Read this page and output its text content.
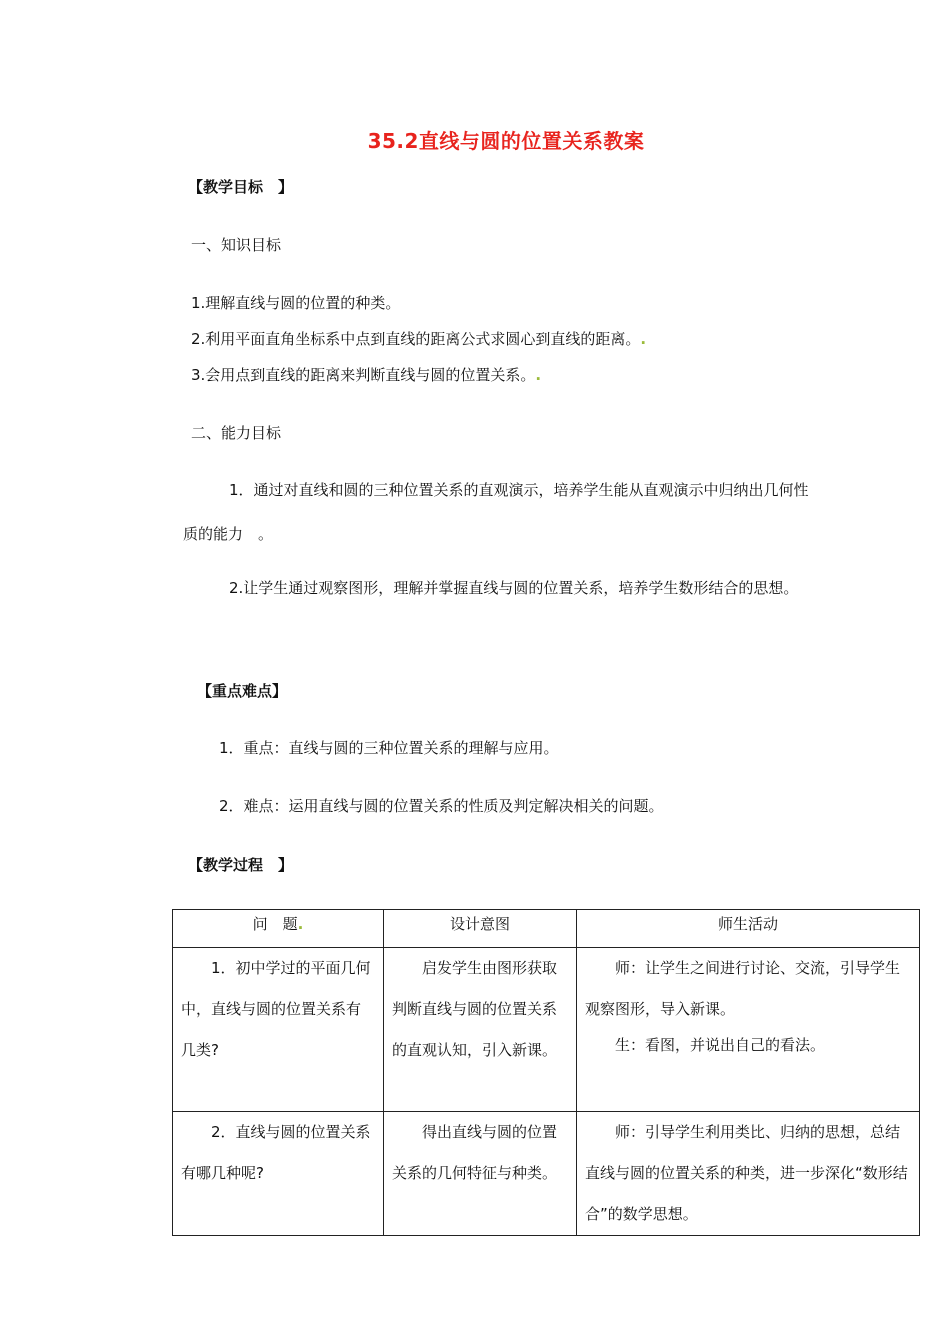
35.2直线与圆的位置关系教案
【教学目标　】
一、知识目标
1.理解直线与圆的位置的种类。
2.利用平面直角坐标系中点到直线的距离公式求圆心到直线的距离。.
3.会用点到直线的距离来判断直线与圆的位置关系。.
二、能力目标
1．通过对直线和圆的三种位置关系的直观演示，培养学生能从直观演示中归纳出几何性质的能力　。
2.让学生通过观察图形，理解并掌握直线与圆的位置关系，培养学生数形结合的思想。
【重点难点】
1．重点：直线与圆的三种位置关系的理解与应用。
2．难点：运用直线与圆的位置关系的性质及判定解决相关的问题。
【教学过程　】
问　题.	设计意图	师生活动

1．初中学过的平面几何中，直线与圆的位置关系有几类?	启发学生由图形获取判断直线与圆的位置关系的直观认知，引入新课。	师：让学生之间进行讨论、交流，引导学生观察图形，导入新课。
生：看图，并说出自己的看法。

2．直线与圆的位置关系有哪几种呢?	得出直线与圆的位置关系的几何特征与种类。	师：引导学生利用类比、归纳的思想，总结直线与圆的位置关系的种类，进一步深化“数形结合”的数学思想。
